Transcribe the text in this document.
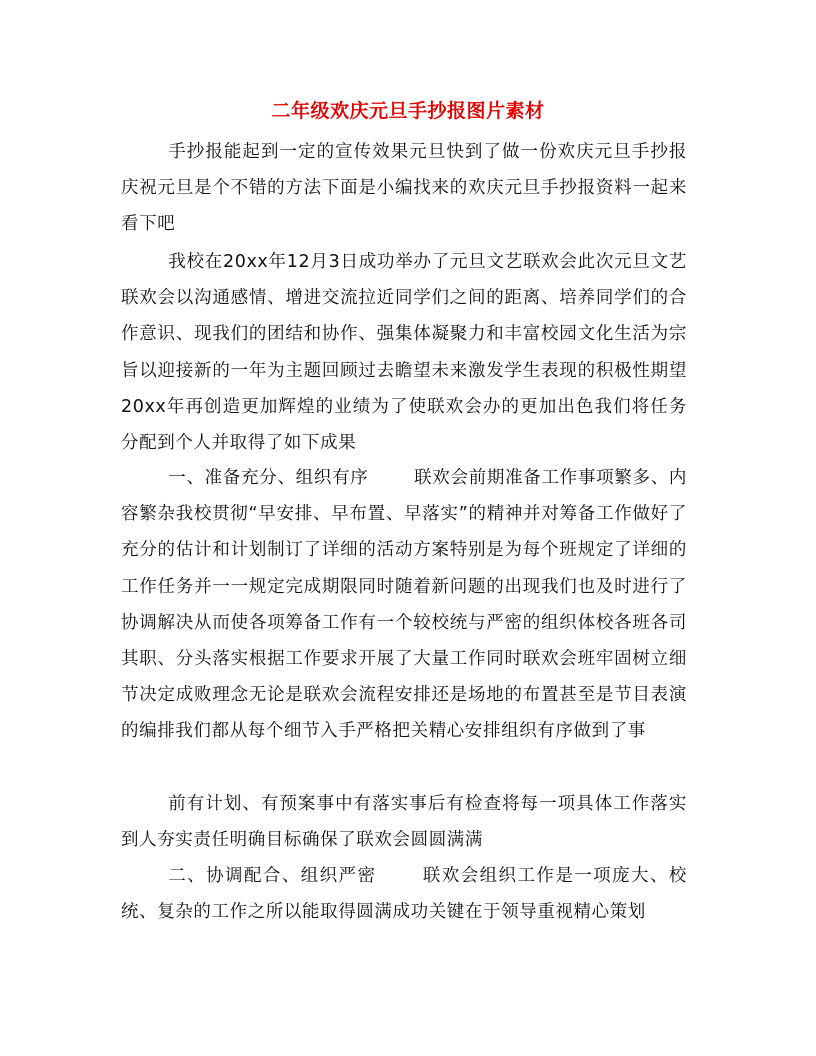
二年级欢庆元旦手抄报图片素材

手抄报能起到一定的宣传效果元旦快到了做一份欢庆元旦手抄报庆祝元旦是个不错的方法下面是小编找来的欢庆元旦手抄报资料一起来看下吧

我校在20xx年12月3日成功举办了元旦文艺联欢会此次元旦文艺联欢会以沟通感情、增进交流拉近同学们之间的距离、培养同学们的合作意识、现我们的团结和协作、强集体凝聚力和丰富校园文化生活为宗旨以迎接新的一年为主题回顾过去瞻望未来激发学生表现的积极性期望20xx年再创造更加辉煌的业绩为了使联欢会办的更加出色我们将任务分配到个人并取得了如下成果

一、准备充分、组织有序	联欢会前期准备工作事项繁多、内容繁杂我校贯彻“早安排、早布置、早落实”的精神并对筹备工作做好了充分的估计和计划制订了详细的活动方案特别是为每个班规定了详细的工作任务并一一规定完成期限同时随着新问题的出现我们也及时进行了协调解决从而使各项筹备工作有一个较校统与严密的组织体校各班各司其职、分头落实根据工作要求开展了大量工作同时联欢会班牢固树立细节决定成败理念无论是联欢会流程安排还是场地的布置甚至是节目表演的编排我们都从每个细节入手严格把关精心安排组织有序做到了事

前有计划、有预案事中有落实事后有检查将每一项具体工作落实到人夯实责任明确目标确保了联欢会圆圆满满

二、协调配合、组织严密	联欢会组织工作是一项庞大、校统、复杂的工作之所以能取得圆满成功关键在于领导重视精心策划
